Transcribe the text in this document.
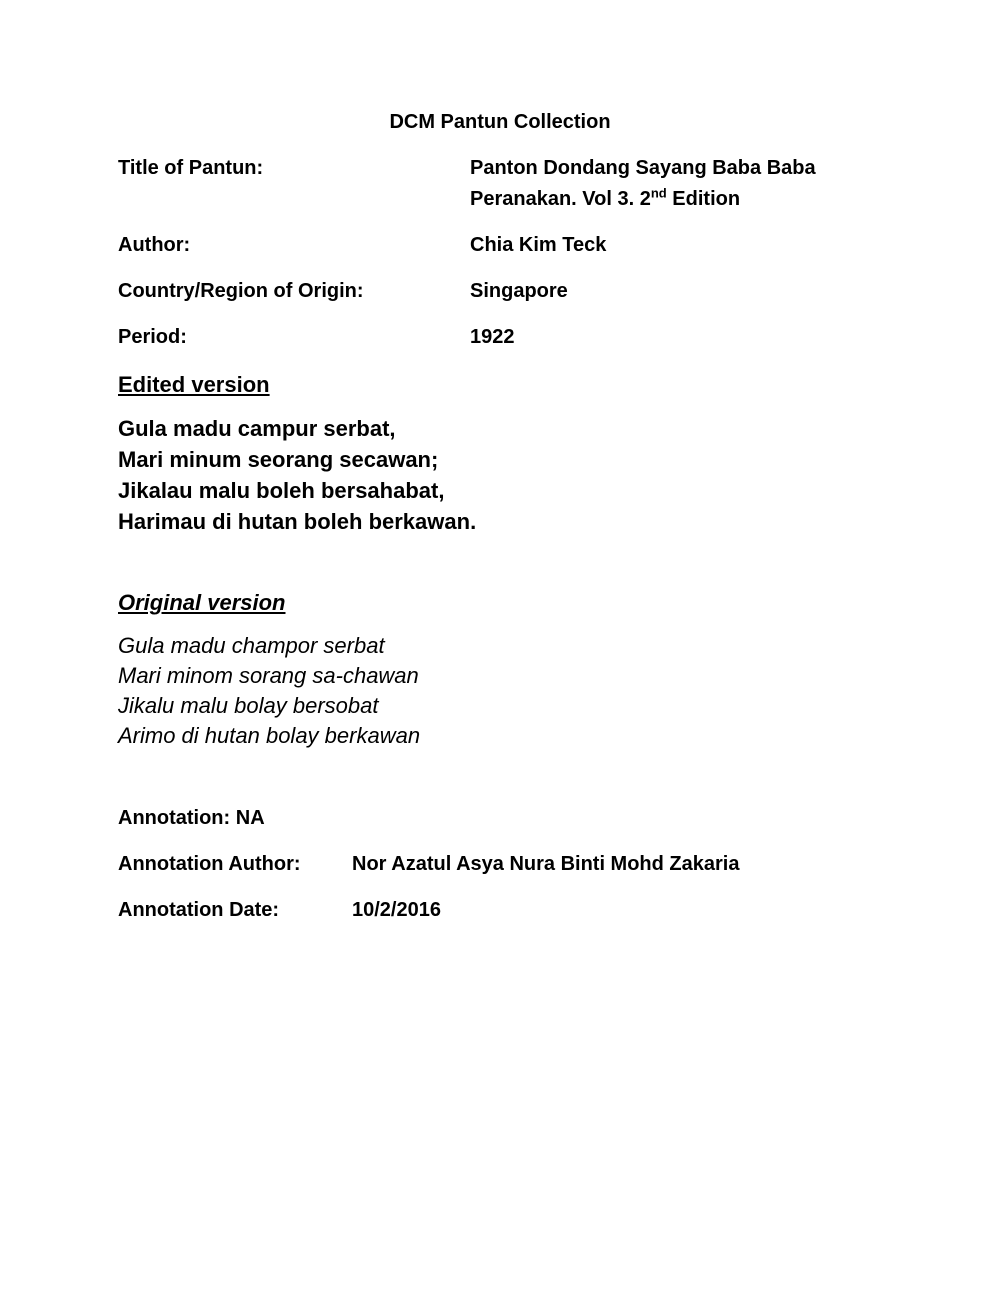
DCM Pantun Collection
Title of Pantun:	Panton Dondang Sayang Baba Baba Peranakan. Vol 3. 2nd Edition
Author:	Chia Kim Teck
Country/Region of Origin:	Singapore
Period:	1922
Edited version
Gula madu campur serbat,
Mari minum seorang secawan;
Jikalau malu boleh bersahabat,
Harimau di hutan boleh berkawan.
Original version
Gula madu champor serbat
Mari minom sorang sa-chawan
Jikalu malu bolay bersobat
Arimo di hutan bolay berkawan
Annotation: NA
Annotation Author:	Nor Azatul Asya Nura Binti Mohd Zakaria
Annotation Date:	10/2/2016
